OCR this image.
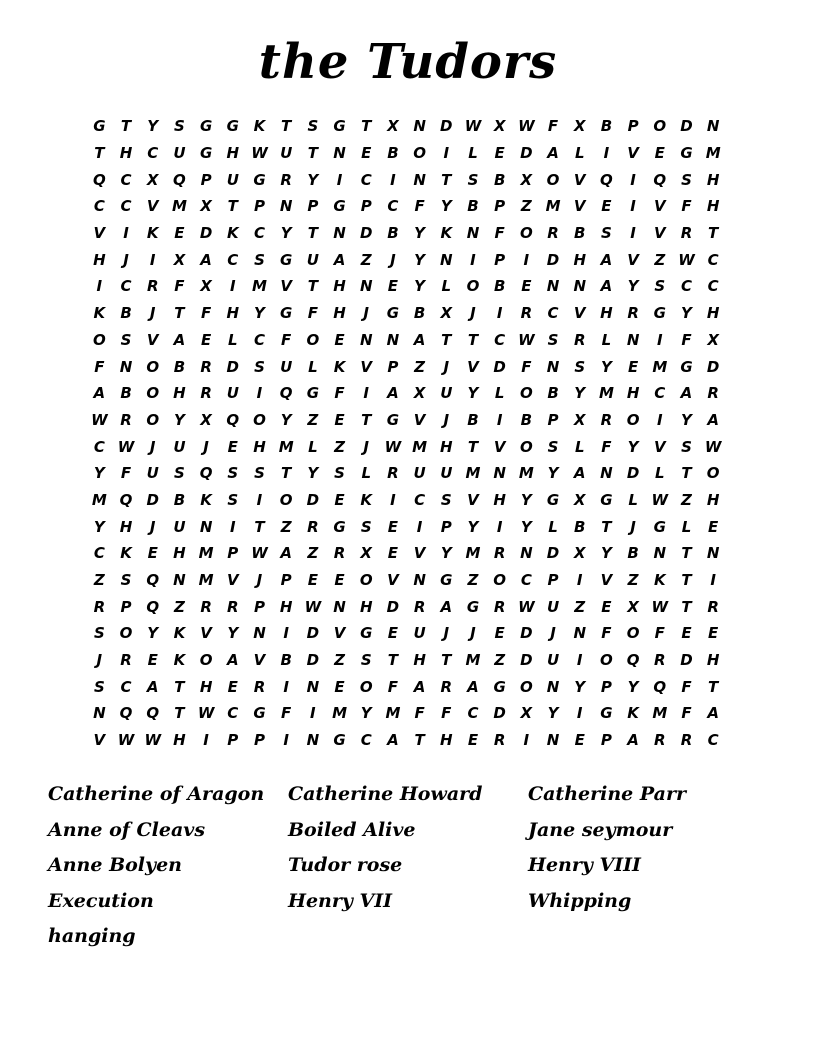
the Tudors
G	T	Y	S	G G K	T	S	G	T	X N D W X W F	X	B	P O D N
T	H C	U G H W U	T	N	E	B O	I	L	E	D A	L	I	V	E	G M
Q C	X Q P	U G R	Y	I	C	I	N	T	S	B	X O V Q	I	Q S	H
C	C	V M X	T	P N P	G	P	C	F	Y	B	P	Z M V	E	I	V	F	H
V	I	K	E	D K	C	Y	T	N D B	Y	K N	F	O R	B	S	I	V	R	T
H	J	I	X	A	C	S	G U A	Z	J	Y N	I	P	I	D H A	V	Z W C
I	C	R	F	X	I	M V	T	H N	E	Y	L	O B	E	N N A	Y	S	C	C
K	B	J	T	F	H Y	G	F	H	J	G B	X	J	I	R	C	V H R G	Y H
O S	V	A	E	L	C	F	O	E	N N A	T	T	C W S	R	L	N	I	F	X
F	N O B	R D	S	U	L	K	V	P	Z	J	V D	F	N	S	Y	E M G D
A	B O H R U	I	Q G	F	I	A	X U	Y	L	O B	Y M H C	A	R
W R O Y	X Q O Y	Z	E	T	G V	J	B	I	B	P	X	R O	I	Y	A
C W	J	U	J	E	H M L	Z	J	W M H	T	V O S	L	F	Y	V	S W
Y	F	U	S Q S	S	T	Y	S	L	R U U M N M Y	A N D	L	T	O
M Q D B	K	S	I	O D	E	K	I	C	S	V H Y	G X G	L W Z H
Y H	J	U N	I	T	Z	R G	S	E	I	P	Y	I	Y	L	B	T	J	G	L	E
C	K	E	H M P W A	Z	R	X	E	V	Y M R N D X	Y	B N	T	N
Z	S Q N M V	J	P	E	E	O V N G	Z O C	P	I	V	Z	K	T	I
R	P Q Z	R	R	P H W N H D R	A G R W U	Z	E	X W T	R
S O Y	K	V	Y N	I	D V G	E	U	J	J	E	D	J	N	F	O	F	E	E
J	R	E	K O A	V	B D	Z	S	T	H	T M Z	D U	I	O Q R D H
S	C	A	T	H	E	R	I	N	E	O	F	A	R	A G O N Y	P	Y Q	F	T
N Q Q	T W C	G	F	I	M Y M F	F	C D X	Y	I	G K M F	A
V W W H	I	P	P	I	N G	C	A	T	H	E	R	I	N	E	P	A	R	R	C
Catherine of Aragon	Catherine Howard	Catherine Parr
Anne of Cleavs	Boiled Alive	Jane seymour
Anne Bolyen	Tudor rose	Henry VIII
Execution	Henry VII	Whipping
hanging
